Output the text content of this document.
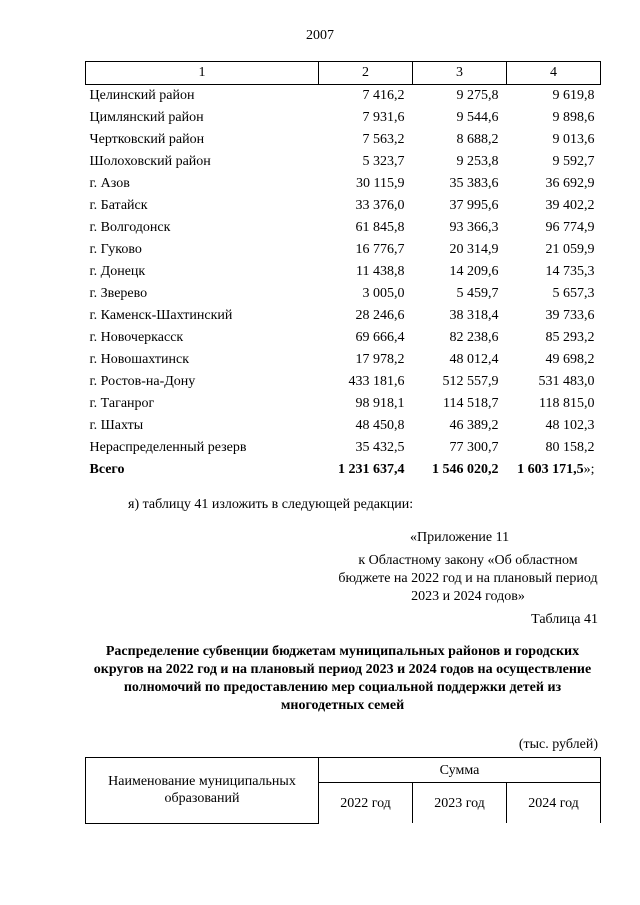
2007
1	2	3	4
Целинский район	7 416,2	9 275,8	9 619,8
Цимлянский район	7 931,6	9 544,6	9 898,6
Чертковский район	7 563,2	8 688,2	9 013,6
Шолоховский район	5 323,7	9 253,8	9 592,7
г. Азов	30 115,9	35 383,6	36 692,9
г. Батайск	33 376,0	37 995,6	39 402,2
г. Волгодонск	61 845,8	93 366,3	96 774,9
г. Гуково	16 776,7	20 314,9	21 059,9
г. Донецк	11 438,8	14 209,6	14 735,3
г. Зверево	3 005,0	5 459,7	5 657,3
г. Каменск-Шахтинский	28 246,6	38 318,4	39 733,6
г. Новочеркасск	69 666,4	82 238,6	85 293,2
г. Новошахтинск	17 978,2	48 012,4	49 698,2
г. Ростов-на-Дону	433 181,6	512 557,9	531 483,0
г. Таганрог	98 918,1	114 518,7	118 815,0
г. Шахты	48 450,8	46 389,2	48 102,3
Нераспределенный резерв	35 432,5	77 300,7	80 158,2
Всего	1 231 637,4	1 546 020,2	1 603 171,5»;
я) таблицу 41 изложить в следующей редакции:
«Приложение 11
к Областному закону «Об областном бюджете на 2022 год и на плановый период 2023 и 2024 годов»
Таблица 41
Распределение субвенции бюджетам муниципальных районов и городских округов на 2022 год и на плановый период 2023 и 2024 годов на осуществление полномочий по предоставлению мер социальной поддержки детей из многодетных семей
(тыс. рублей)
Наименование муниципальных образований	Сумма		
	2022 год	2023 год	2024 год
